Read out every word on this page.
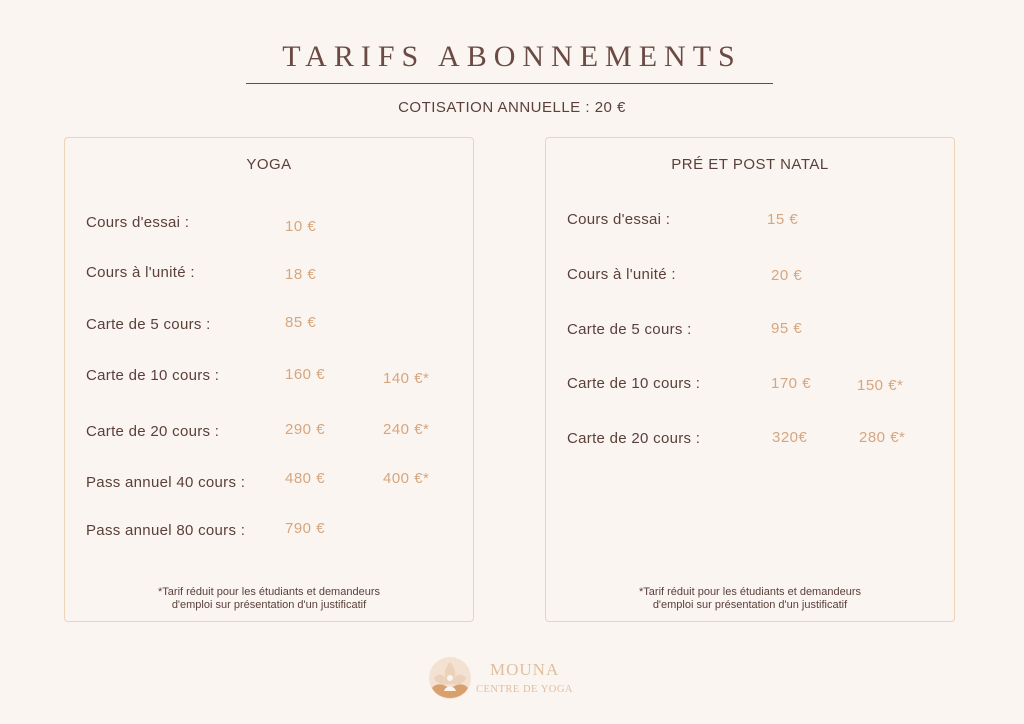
TARIFS ABONNEMENTS
COTISATION ANNUELLE : 20 €
YOGA
Cours d'essai :	10 €
Cours à l'unité :	18 €
Carte de 5 cours :	85 €
Carte de 10 cours :	160 €	140 €*
Carte de 20 cours :	290 €	240 €*
Pass annuel 40 cours :	480 €	400 €*
Pass annuel 80 cours :	790 €
*Tarif réduit pour les étudiants et demandeurs
d'emploi sur présentation d'un justificatif
PRÉ ET POST NATAL
Cours d'essai :	15 €
Cours à l'unité :	20 €
Carte de 5 cours :	95 €
Carte de 10 cours :	170 €	150 €*
Carte de 20 cours :	320€	280 €*
*Tarif réduit pour les étudiants et demandeurs
d'emploi sur présentation d'un justificatif
MOUNA
CENTRE DE YOGA
